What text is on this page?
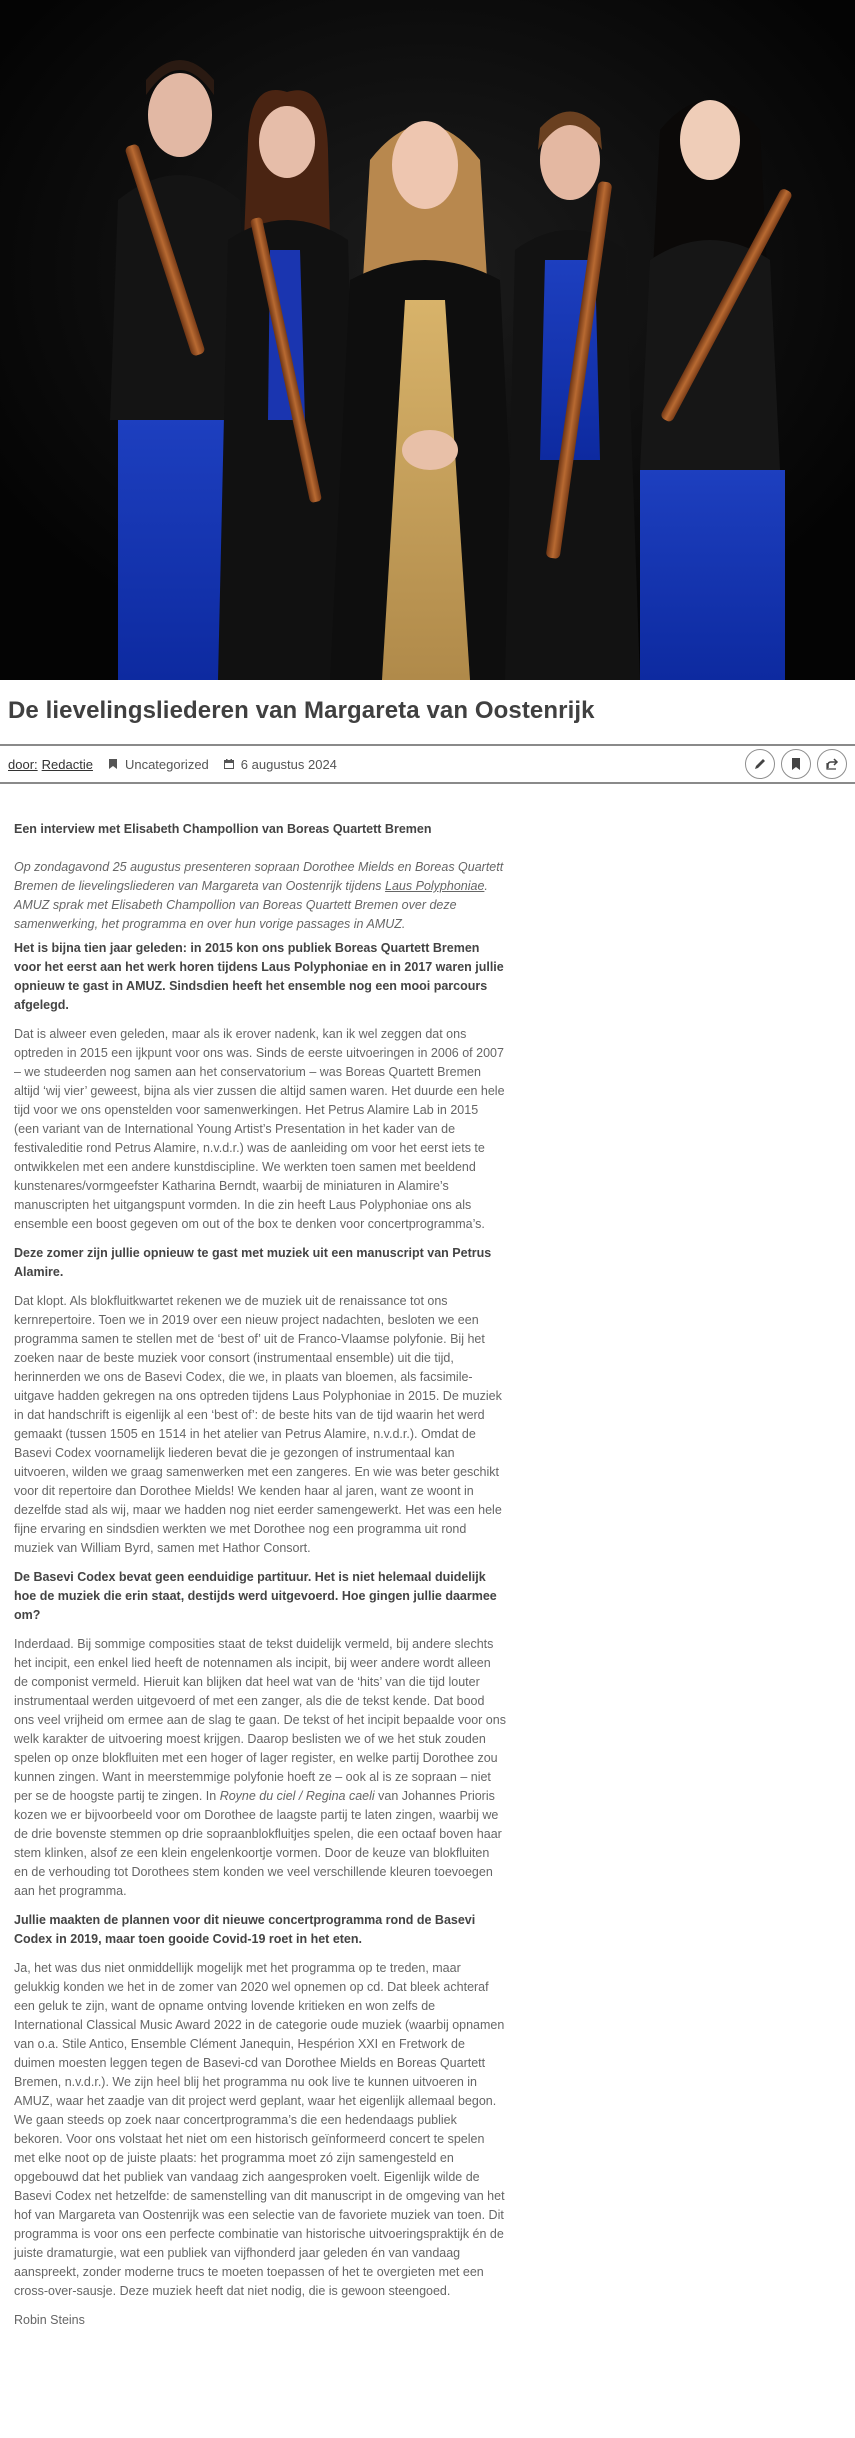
De lievelingsliederen van Margareta van Oostenrijk
door: Redactie Uncategorized 6 augustus 2024

Een interview met Elisabeth Champollion van Boreas Quartett Bremen

Op zondagavond 25 augustus presenteren sopraan Dorothee Mields en Boreas Quartett Bremen de lievelingsliederen van Margareta van Oostenrijk tijdens Laus Polyphoniae. AMUZ sprak met Elisabeth Champollion van Boreas Quartett Bremen over deze samenwerking, het programma en over hun vorige passages in AMUZ.

Het is bijna tien jaar geleden: in 2015 kon ons publiek Boreas Quartett Bremen voor het eerst aan het werk horen tijdens Laus Polyphoniae en in 2017 waren jullie opnieuw te gast in AMUZ. Sindsdien heeft het ensemble nog een mooi parcours afgelegd.

Dat is alweer even geleden, maar als ik erover nadenk, kan ik wel zeggen dat ons optreden in 2015 een ijkpunt voor ons was. Sinds de eerste uitvoeringen in 2006 of 2007 – we studeerden nog samen aan het conservatorium – was Boreas Quartett Bremen altijd ‘wij vier’ geweest, bijna als vier zussen die altijd samen waren. Het duurde een hele tijd voor we ons openstelden voor samenwerkingen. Het Petrus Alamire Lab in 2015 (een variant van de International Young Artist’s Presentation in het kader van de festivaleditie rond Petrus Alamire, n.v.d.r.) was de aanleiding om voor het eerst iets te ontwikkelen met een andere kunstdiscipline. We werkten toen samen met beeldend kunstenares/vormgeefster Katharina Berndt, waarbij de miniaturen in Alamire’s manuscripten het uitgangspunt vormden. In die zin heeft Laus Polyphoniae ons als ensemble een boost gegeven om out of the box te denken voor concertprogramma’s.

Deze zomer zijn jullie opnieuw te gast met muziek uit een manuscript van Petrus Alamire.

Dat klopt. Als blokfluitkwartet rekenen we de muziek uit de renaissance tot ons kernrepertoire. Toen we in 2019 over een nieuw project nadachten, besloten we een programma samen te stellen met de ‘best of’ uit de Franco-Vlaamse polyfonie. Bij het zoeken naar de beste muziek voor consort (instrumentaal ensemble) uit die tijd, herinnerden we ons de Basevi Codex, die we, in plaats van bloemen, als facsimile-uitgave hadden gekregen na ons optreden tijdens Laus Polyphoniae in 2015. De muziek in dat handschrift is eigenlijk al een ‘best of’: de beste hits van de tijd waarin het werd gemaakt (tussen 1505 en 1514 in het atelier van Petrus Alamire, n.v.d.r.). Omdat de Basevi Codex voornamelijk liederen bevat die je gezongen of instrumentaal kan uitvoeren, wilden we graag samenwerken met een zangeres. En wie was beter geschikt voor dit repertoire dan Dorothee Mields! We kenden haar al jaren, want ze woont in dezelfde stad als wij, maar we hadden nog niet eerder samengewerkt. Het was een hele fijne ervaring en sindsdien werkten we met Dorothee nog een programma uit rond muziek van William Byrd, samen met Hathor Consort.

De Basevi Codex bevat geen eenduidige partituur. Het is niet helemaal duidelijk hoe de muziek die erin staat, destijds werd uitgevoerd. Hoe gingen jullie daarmee om?

Inderdaad. Bij sommige composities staat de tekst duidelijk vermeld, bij andere slechts het incipit, een enkel lied heeft de notennamen als incipit, bij weer andere wordt alleen de componist vermeld. Hieruit kan blijken dat heel wat van de ‘hits’ van die tijd louter instrumentaal werden uitgevoerd of met een zanger, als die de tekst kende. Dat bood ons veel vrijheid om ermee aan de slag te gaan. De tekst of het incipit bepaalde voor ons welk karakter de uitvoering moest krijgen. Daarop beslisten we of we het stuk zouden spelen op onze blokfluiten met een hoger of lager register, en welke partij Dorothee zou kunnen zingen. Want in meerstemmige polyfonie hoeft ze – ook al is ze sopraan – niet per se de hoogste partij te zingen. In Royne du ciel / Regina caeli van Johannes Prioris kozen we er bijvoorbeeld voor om Dorothee de laagste partij te laten zingen, waarbij we de drie bovenste stemmen op drie sopraanblokfluitjes spelen, die een octaaf boven haar stem klinken, alsof ze een klein engelenkoortje vormen. Door de keuze van blokfluiten en de verhouding tot Dorothees stem konden we veel verschillende kleuren toevoegen aan het programma.

Jullie maakten de plannen voor dit nieuwe concertprogramma rond de Basevi Codex in 2019, maar toen gooide Covid-19 roet in het eten.

Ja, het was dus niet onmiddellijk mogelijk met het programma op te treden, maar gelukkig konden we het in de zomer van 2020 wel opnemen op cd. Dat bleek achteraf een geluk te zijn, want de opname ontving lovende kritieken en won zelfs de International Classical Music Award 2022 in de categorie oude muziek (waarbij opnamen van o.a. Stile Antico, Ensemble Clément Janequin, Hespérion XXI en Fretwork de duimen moesten leggen tegen de Basevi-cd van Dorothee Mields en Boreas Quartett Bremen, n.v.d.r.). We zijn heel blij het programma nu ook live te kunnen uitvoeren in AMUZ, waar het zaadje van dit project werd geplant, waar het eigenlijk allemaal begon. We gaan steeds op zoek naar concertprogramma’s die een hedendaags publiek bekoren. Voor ons volstaat het niet om een historisch geïnformeerd concert te spelen met elke noot op de juiste plaats: het programma moet zó zijn samengesteld en opgebouwd dat het publiek van vandaag zich aangesproken voelt. Eigenlijk wilde de Basevi Codex net hetzelfde: de samenstelling van dit manuscript in de omgeving van het hof van Margareta van Oostenrijk was een selectie van de favoriete muziek van toen. Dit programma is voor ons een perfecte combinatie van historische uitvoeringspraktijk én de juiste dramaturgie, wat een publiek van vijfhonderd jaar geleden én van vandaag aanspreekt, zonder moderne trucs te moeten toepassen of het te overgieten met een cross-over-sausje. Deze muziek heeft dat niet nodig, die is gewoon steengoed.

Robin Steins
